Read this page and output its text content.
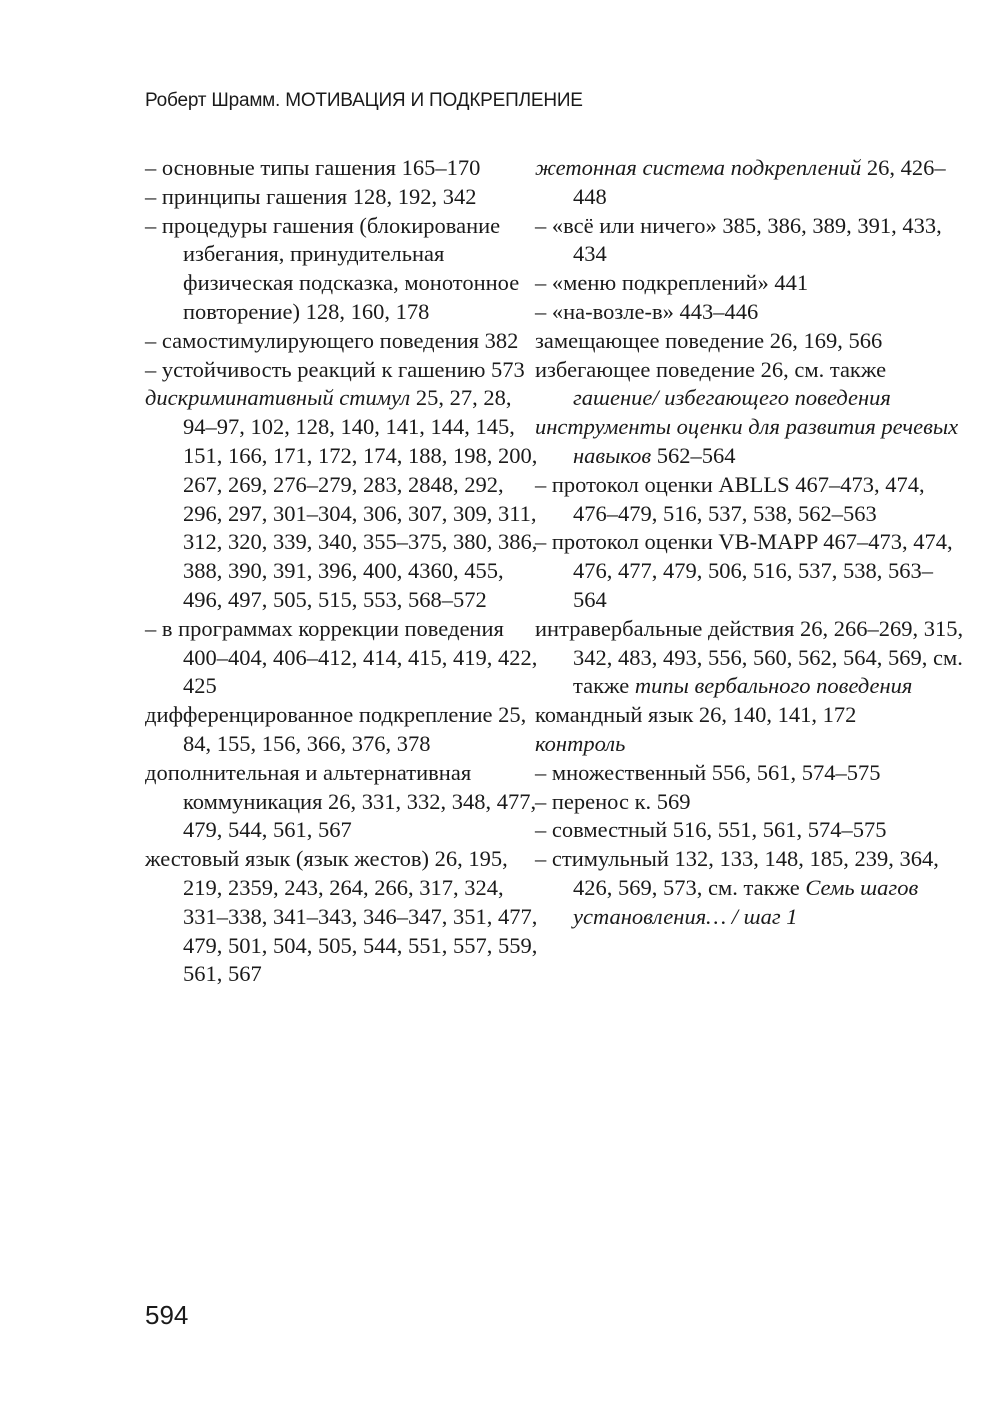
Роберт Шрамм. МОТИВАЦИЯ И ПОДКРЕПЛЕНИЕ
– основные типы гашения 165–170
– принципы гашения 128, 192, 342
– процедуры гашения (блокирование избегания, принудительная физическая подсказка, монотонное повторение) 128, 160, 178
– самостимулирующего поведения 382
– устойчивость реакций к гашению 573
дискриминативный стимул 25, 27, 28, 94–97, 102, 128, 140, 141, 144, 145, 151, 166, 171, 172, 174, 188, 198, 200, 267, 269, 276–279, 283, 2848, 292, 296, 297, 301–304, 306, 307, 309, 311, 312, 320, 339, 340, 355–375, 380, 386, 388, 390, 391, 396, 400, 4360, 455, 496, 497, 505, 515, 553, 568–572
– в программах коррекции поведения 400–404, 406–412, 414, 415, 419, 422, 425
дифференцированное подкрепление 25, 84, 155, 156, 366, 376, 378
дополнительная и альтернативная коммуникация 26, 331, 332, 348, 477, 479, 544, 561, 567
жестовый язык (язык жестов) 26, 195, 219, 2359, 243, 264, 266, 317, 324, 331–338, 341–343, 346–347, 351, 477, 479, 501, 504, 505, 544, 551, 557, 559, 561, 567
жетонная система подкреплений 26, 426–448
– «всё или ничего» 385, 386, 389, 391, 433, 434
– «меню подкреплений» 441
– «на-возле-в» 443–446
замещающее поведение 26, 169, 566
избегающее поведение 26, см. также гашение/ избегающего поведения
инструменты оценки для развития речевых навыков 562–564
– протокол оценки ABLLS 467–473, 474, 476–479, 516, 537, 538, 562–563
– протокол оценки VB-MAPP 467–473, 474, 476, 477, 479, 506, 516, 537, 538, 563–564
интравербальные действия 26, 266–269, 315, 342, 483, 493, 556, 560, 562, 564, 569, см. также типы вербального поведения
командный язык 26, 140, 141, 172
контроль
– множественный 556, 561, 574–575
– перенос к. 569
– совместный 516, 551, 561, 574–575
– стимульный 132, 133, 148, 185, 239, 364, 426, 569, 573, см. также Семь шагов установления… / шаг 1
594
